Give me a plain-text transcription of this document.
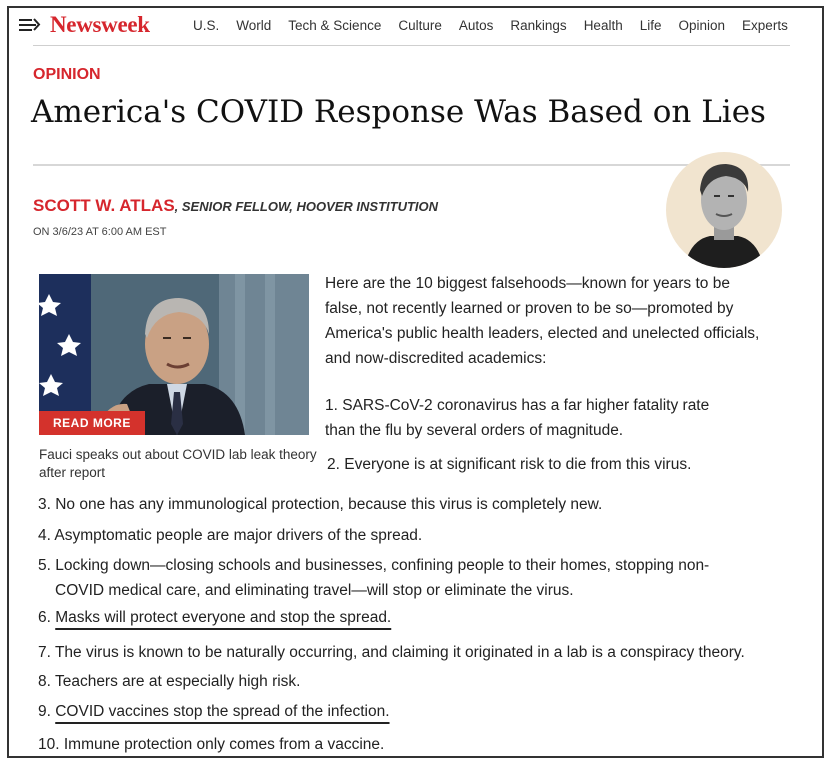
Newsweek	U.S. World Tech & Science Culture Autos Rankings Health Life Opinion Experts
OPINION
America's COVID Response Was Based on Lies
SCOTT W. ATLAS, SENIOR FELLOW, HOOVER INSTITUTION
ON 3/6/23 AT 6:00 AM EST
READ MORE
Fauci speaks out about COVID lab leak theory after report
Here are the 10 biggest falsehoods—known for years to be false, not recently learned or proven to be so—promoted by America's public health leaders, elected and unelected officials, and now-discredited academics:
1. SARS-CoV-2 coronavirus has a far higher fatality rate
than the flu by several orders of magnitude.
2. Everyone is at significant risk to die from this virus.
3. No one has any immunological protection, because this virus is completely new.
4. Asymptomatic people are major drivers of the spread.
5. Locking down—closing schools and businesses, confining people to their homes, stopping non-
COVID medical care, and eliminating travel—will stop or eliminate the virus.
6. Masks will protect everyone and stop the spread.
7. The virus is known to be naturally occurring, and claiming it originated in a lab is a conspiracy theory.
8. Teachers are at especially high risk.
9. COVID vaccines stop the spread of the infection.
10. Immune protection only comes from a vaccine.
